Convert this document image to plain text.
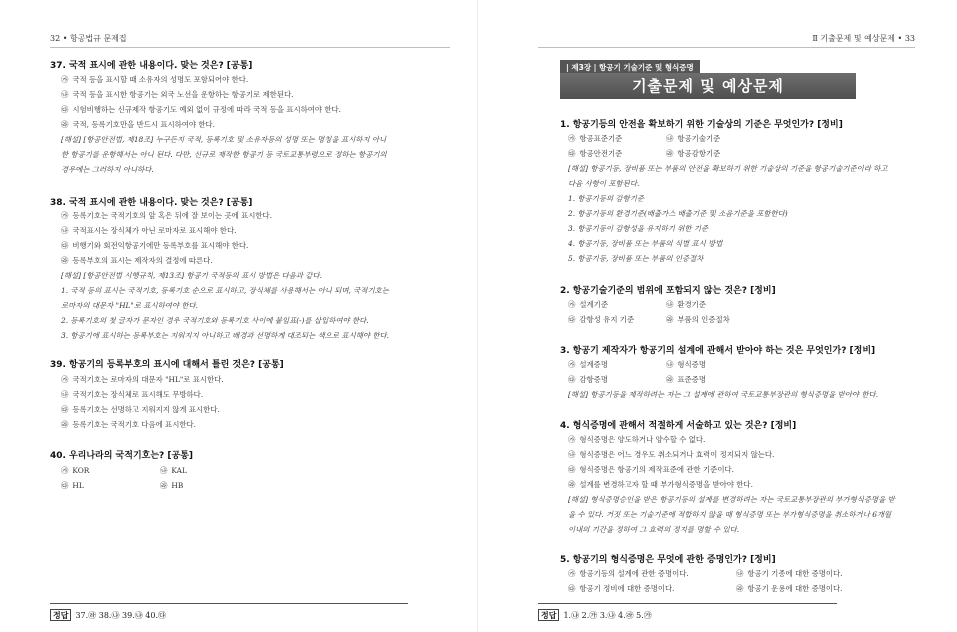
32 • 항공법규 문제집
37. 국적 표시에 관한 내용이다. 맞는 것은? [공통]
㉮ 국적 등을 표시할 때 소유자의 성명도 포함되어야 한다.
㉯ 국적 등을 표시한 항공기는 외국 노선을 운항하는 항공기로 제한된다.
㉰ 시험비행하는 신규제작 항공기도 예외 없이 규정에 따라 국적 등을 표시하여야 한다.
㉱ 국적, 등록기호만을 반드시 표시하여야 한다.
[해설] [항공안전법, 제18조] 누구든지 국적, 등록기호 및 소유자등의 성명 또는 명칭을 표시하지 아니
한 항공기를 운항해서는 아니 된다. 다만, 신규로 제작한 항공기 등 국토교통부령으로 정하는 항공기의
경우에는 그러하지 아니하다.
38. 국적 표시에 관한 내용이다. 맞는 것은? [공통]
㉮ 등록기호는 국적기호의 앞 혹은 뒤에 잘 보이는 곳에 표시한다.
㉯ 국적표시는 장식체가 아닌 로마자로 표시해야 한다.
㉰ 비행기와 회전익항공기에만 등록부호를 표시해야 한다.
㉱ 등록부호의 표시는 제작자의 결정에 따른다.
[해설] [항공안전법 시행규칙, 제13조] 항공기 국적등의 표시 방법은 다음과 같다.
1. 국적 등의 표시는 국적기호, 등록기호 순으로 표시하고, 장식체를 사용해서는 아니 되며, 국적기호는
로마자의 대문자 "HL"로 표시하여야 한다.
2. 등록기호의 첫 글자가 문자인 경우 국적기호와 등록기호 사이에 붙임표(-)를 삽입하여야 한다.
3. 항공기에 표시하는 등록부호는 지워지지 아니하고 배경과 선명하게 대조되는 색으로 표시해야 한다.
39. 항공기의 등록부호의 표시에 대해서 틀린 것은? [공통]
㉮ 국적기호는 로마자의 대문자 "HL"로 표시한다.
㉯ 국적기호는 장식체로 표시해도 무방하다.
㉰ 등록기호는 선명하고 지워지지 않게 표시한다.
㉱ 등록기호는 국적기호 다음에 표시한다.
40. 우리나라의 국적기호는? [공통]
㉮ KOR	㉯ KAL
㉰ HL	㉱ HB
정답 37.㉱ 38.㉯ 39.㉯ 40.㉰
Ⅱ 기출문제 및 예상문제 • 33
| 제3장 | 항공기 기술기준 및 형식증명
기출문제 및 예상문제
1. 항공기등의 안전을 확보하기 위한 기술상의 기준은 무엇인가? [정비]
㉮ 항공표준기준	㉯ 항공기술기준
㉰ 항공안전기준	㉱ 항공감항기준
[해설] 항공기등, 장비품 또는 부품의 안전을 확보하기 위한 기술상의 기준을 항공기술기준이라 하고
다음 사항이 포함된다.
1. 항공기등의 감항기준
2. 항공기등의 환경기준(배출가스 배출기준 및 소음기준을 포함한다)
3. 항공기등이 감항성을 유지하기 위한 기준
4. 항공기등, 장비품 또는 부품의 식별 표시 방법
5. 항공기등, 장비품 또는 부품의 인증절차
2. 항공기술기준의 범위에 포함되지 않는 것은? [정비]
㉮ 설계기준	㉯ 환경기준
㉰ 감항성 유지 기준	㉱ 부품의 인증절차
3. 항공기 제작자가 항공기의 설계에 관해서 받아야 하는 것은 무엇인가? [정비]
㉮ 설계증명	㉯ 형식증명
㉰ 감항증명	㉱ 표준증명
[해설] 항공기등을 제작하려는 자는 그 설계에 관하여 국토교통부장관의 형식증명을 받아야 한다.
4. 형식증명에 관해서 적절하게 서술하고 있는 것은? [정비]
㉮ 형식증명은 양도하거나 양수할 수 없다.
㉯ 형식증명은 어느 경우도 취소되거나 효력이 정지되지 않는다.
㉰ 형식증명은 항공기의 제작표준에 관한 기준이다.
㉱ 설계를 변경하고자 할 때 부가형식증명을 받아야 한다.
[해설] 형식증명승인을 받은 항공기등의 설계를 변경하려는 자는 국토교통부장관의 부가형식증명을 받
을 수 있다. 거짓 또는 기술기준에 적합하지 않을 때 형식증명 또는 부가형식증명을 취소하거나 6개월
이내의 기간을 정하여 그 효력의 정지를 명할 수 있다.
5. 항공기의 형식증명은 무엇에 관한 증명인가? [정비]
㉮ 항공기등의 설계에 관한 증명이다.	㉯ 항공기 기종에 대한 증명이다.
㉰ 항공기 정비에 대한 증명이다.	㉱ 항공기 운용에 대한 증명이다.
정답 1.㉯ 2.㉮ 3.㉯ 4.㉱ 5.㉮
